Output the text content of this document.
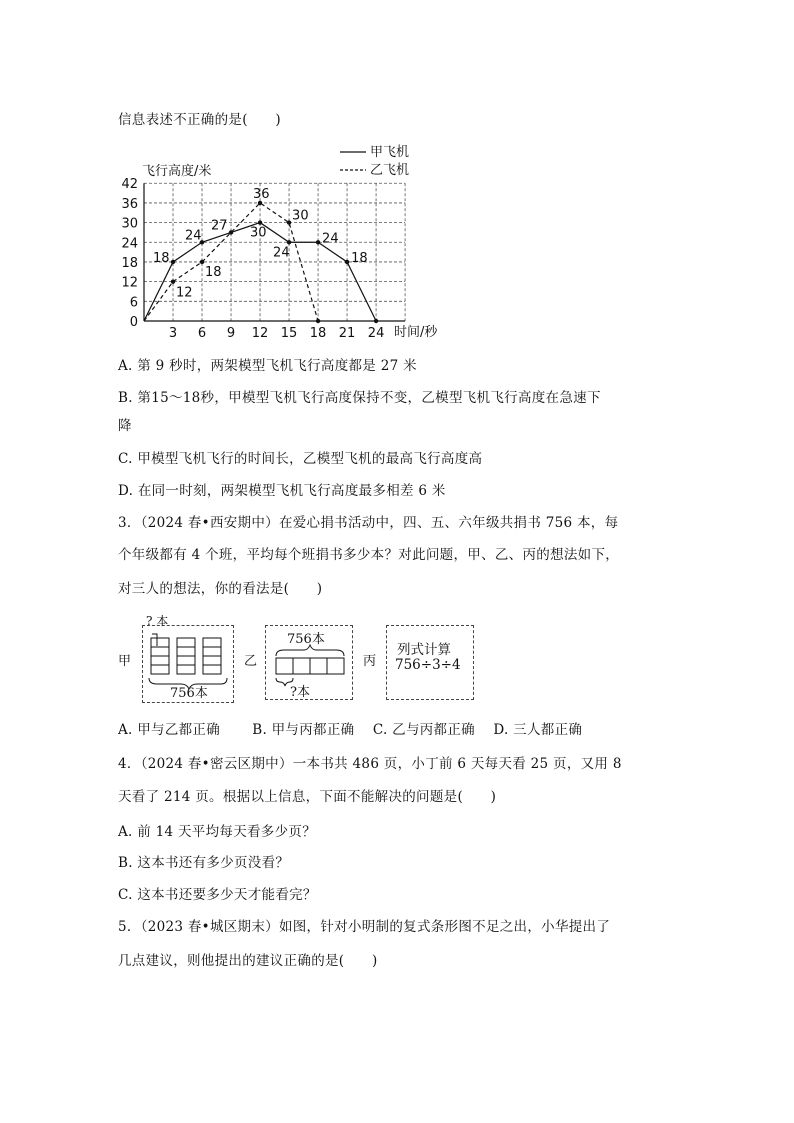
信息表述不正确的是(　　)
0
6
12
18
24
30
36
42
3 6 9 12 15 18 21 24
18
24
27 30
24
24
18
12
18
36
30
飞行高度/米
时间/秒
甲飞机
乙飞机
A. 第 9 秒时，两架模型飞机飞行高度都是 27 米
B. 第15～18秒，甲模型飞机飞行高度保持不变，乙模型飞机飞行高度在急速下
降
C. 甲模型飞机飞行的时间长，乙模型飞机的最高飞行高度高
D. 在同一时刻，两架模型飞机飞行高度最多相差 6 米
3．（2024 春•西安期中）在爱心捐书活动中，四、五、六年级共捐书 756 本，每
个年级都有 4 个班，平均每个班捐书多少本？对此问题，甲、乙、丙的想法如下，
对三人的想法，你的看法是(　　)
甲
? 本
756本
乙
756本
?本
丙
列式计算
756÷3÷4
A. 甲与乙都正确　　 B. 甲与丙都正确　 C. 乙与丙都正确　 D. 三人都正确
4．（2024 春•密云区期中）一本书共 486 页，小丁前 6 天每天看 25 页，又用 8
天看了 214 页。根据以上信息，下面不能解决的问题是(　　)
A. 前 14 天平均每天看多少页？
B. 这本书还有多少页没看？
C. 这本书还要多少天才能看完？
5．（2023 春•城区期末）如图，针对小明制的复式条形图不足之出，小华提出了
几点建议，则他提出的建议正确的是(　　)
